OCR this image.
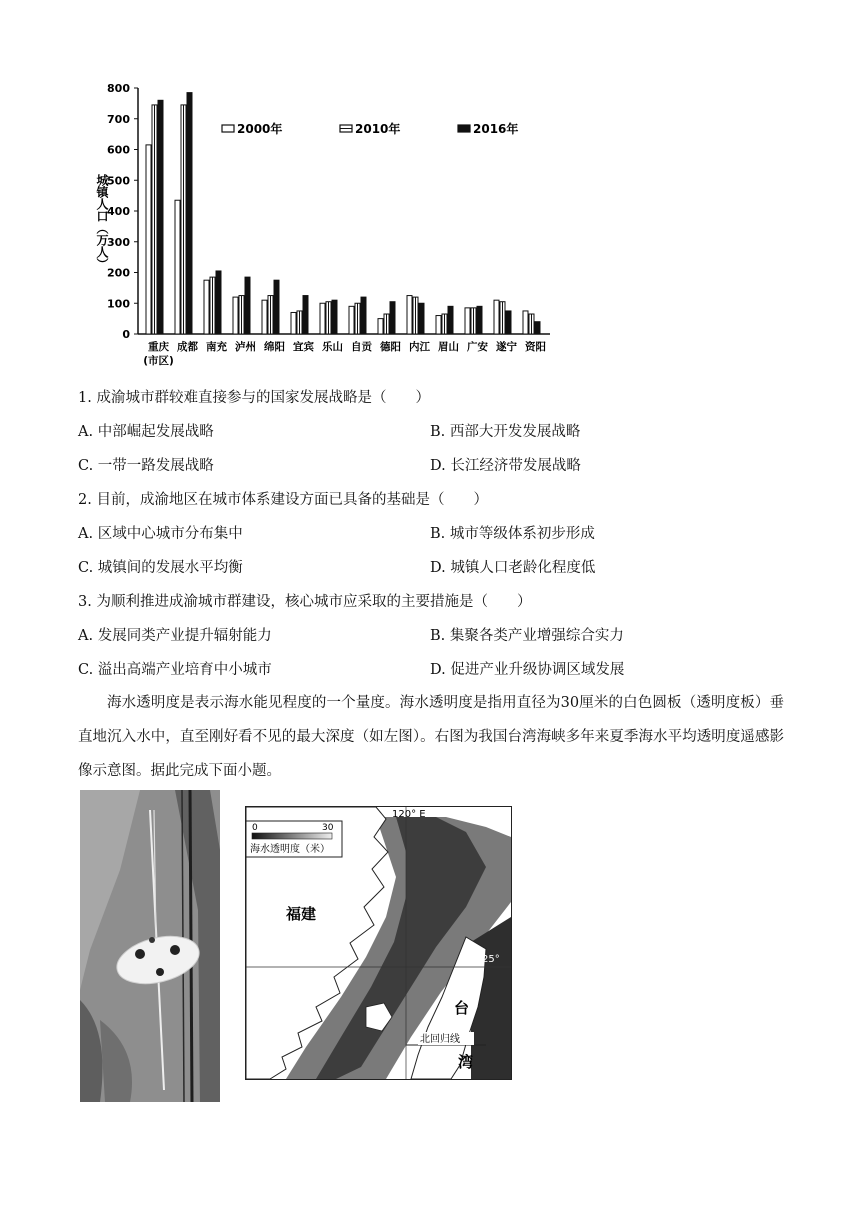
0
100
200
300
400
500
600
700
800
城镇人口（万人）
重庆
(市区)
成都 南充 泸州 绵阳 宜宾 乐山 自贡 德阳 内江 眉山 广安 遂宁 资阳
2000年	2010年	2016年
1. 成渝城市群较难直接参与的国家发展战略是（　　）
A. 中部崛起发展战略	B. 西部大开发发展战略
C. 一带一路发展战略	D. 长江经济带发展战略
2. 目前，成渝地区在城市体系建设方面已具备的基础是（　　）
A. 区域中心城市分布集中	B. 城市等级体系初步形成
C. 城镇间的发展水平均衡	D. 城镇人口老龄化程度低
3. 为顺利推进成渝城市群建设，核心城市应采取的主要措施是（　　）
A. 发展同类产业提升辐射能力	B. 集聚各类产业增强综合实力
C. 溢出高端产业培育中小城市	D. 促进产业升级协调区域发展

海水透明度是表示海水能见程度的一个量度。海水透明度是指用直径为30厘米的白色圆板（透明度板）垂直地沉入水中，直至刚好看不见的最大深度（如左图）。右图为我国台湾海峡多年来夏季海水平均透明度遥感影像示意图。据此完成下面小题。

0	30
海水透明度（米）
120° E
25°
福建
台
湾
北回归线
